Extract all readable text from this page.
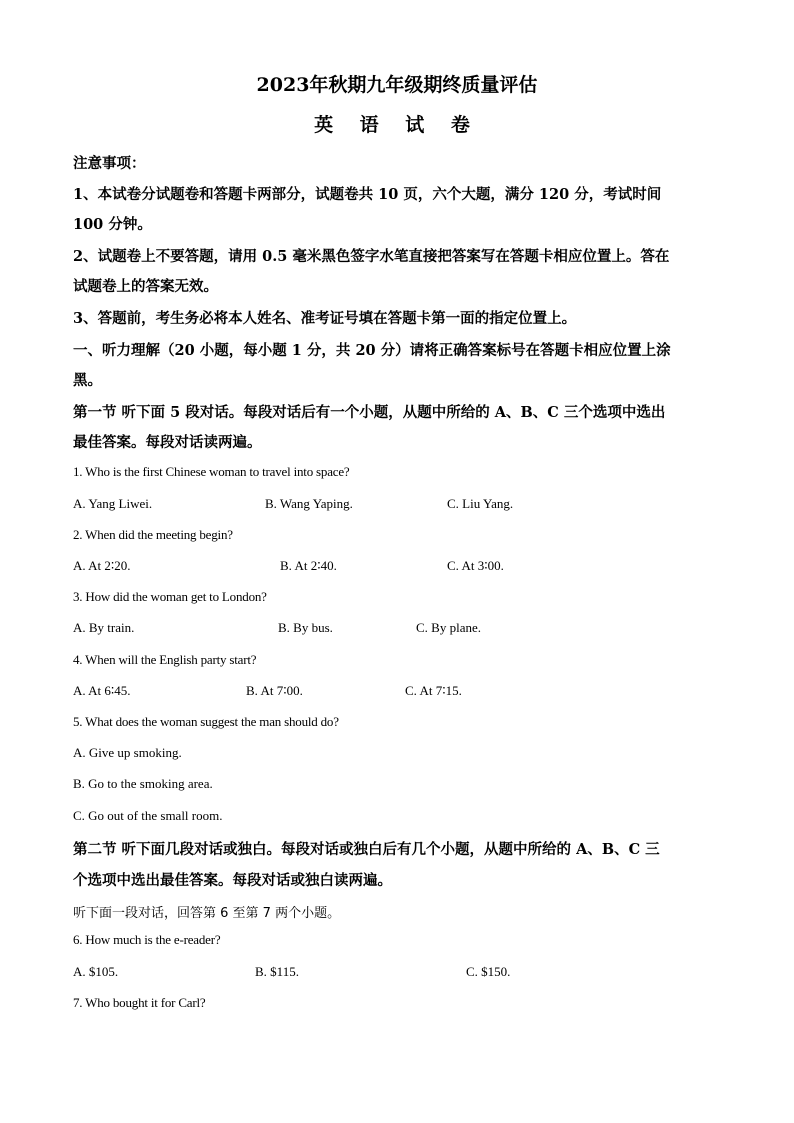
2023年秋期九年级期终质量评估
英 语 试 卷
注意事项：
1、本试卷分试题卷和答题卡两部分，试题卷共 10 页，六个大题，满分 120 分，考试时间
100 分钟。
2、试题卷上不要答题，请用 0.5 毫米黑色签字水笔直接把答案写在答题卡相应位置上。答在
试题卷上的答案无效。
3、答题前，考生务必将本人姓名、准考证号填在答题卡第一面的指定位置上。
一、听力理解（20 小题，每小题 1 分，共 20 分）请将正确答案标号在答题卡相应位置上涂
黑。
第一节 听下面 5 段对话。每段对话后有一个小题，从题中所给的 A、B、C 三个选项中选出
最佳答案。每段对话读两遍。
1. Who is the first Chinese woman to travel into space?
A. Yang Liwei.	B. Wang Yaping.	C. Liu Yang.
2. When did the meeting begin?
A. At 2∶20.	B. At 2∶40.	C. At 3∶00.
3. How did the woman get to London?
A. By train.	B. By bus.	C. By plane.
4. When will the English party start?
A. At 6∶45.	B. At 7∶00.	C. At 7∶15.
5. What does the woman suggest the man should do?
A. Give up smoking.
B. Go to the smoking area.
C. Go out of the small room.
第二节 听下面几段对话或独白。每段对话或独白后有几个小题，从题中所给的 A、B、C 三
个选项中选出最佳答案。每段对话或独白读两遍。
听下面一段对话，回答第 6 至第 7 两个小题。
6. How much is the e-reader?
A. $105.	B. $115.	C. $150.
7. Who bought it for Carl?
